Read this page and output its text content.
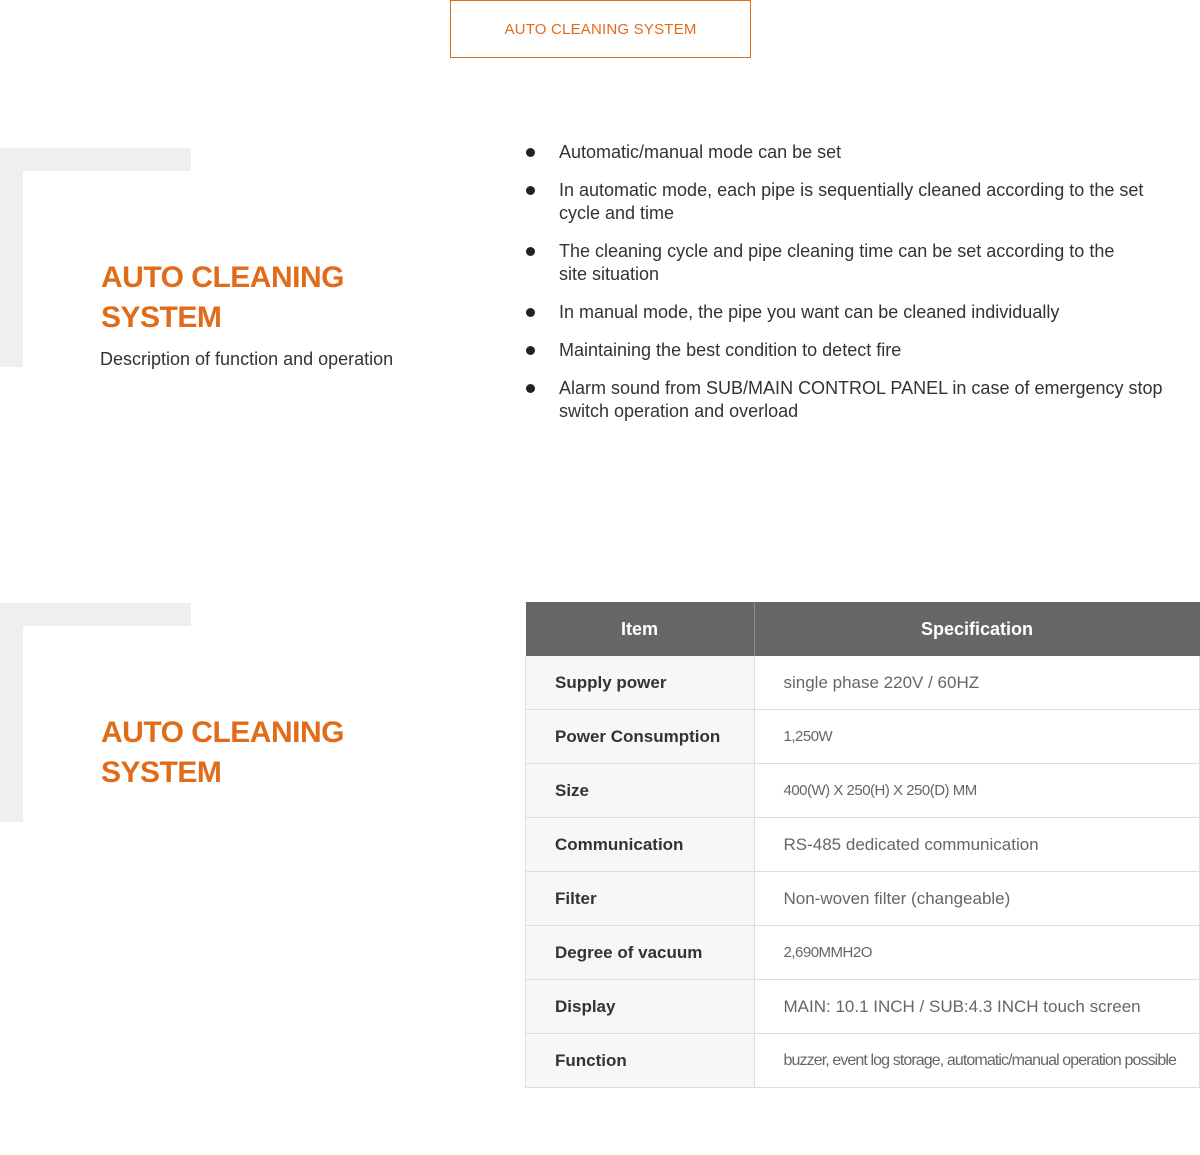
AUTO CLEANING SYSTEM
AUTO CLEANING
SYSTEM

Description of function and operation

Automatic/manual mode can be set
In automatic mode, each pipe is sequentially cleaned according to the set cycle and time
The cleaning cycle and pipe cleaning time can be set according to the site situation
In manual mode, the pipe you want can be cleaned individually
Maintaining the best condition to detect fire
Alarm sound from SUB/MAIN CONTROL PANEL in case of emergency stop switch operation and overload
AUTO CLEANING
SYSTEM
Item	Specification
Supply power	single phase 220V / 60HZ
Power Consumption	1,250W
Size	400(W) X 250(H) X 250(D) MM
Communication	RS-485 dedicated communication
Filter	Non-woven filter (changeable)
Degree of vacuum	2,690MMH2O
Display	MAIN: 10.1 INCH / SUB:4.3 INCH touch screen
Function	buzzer, event log storage, automatic/manual operation possible
